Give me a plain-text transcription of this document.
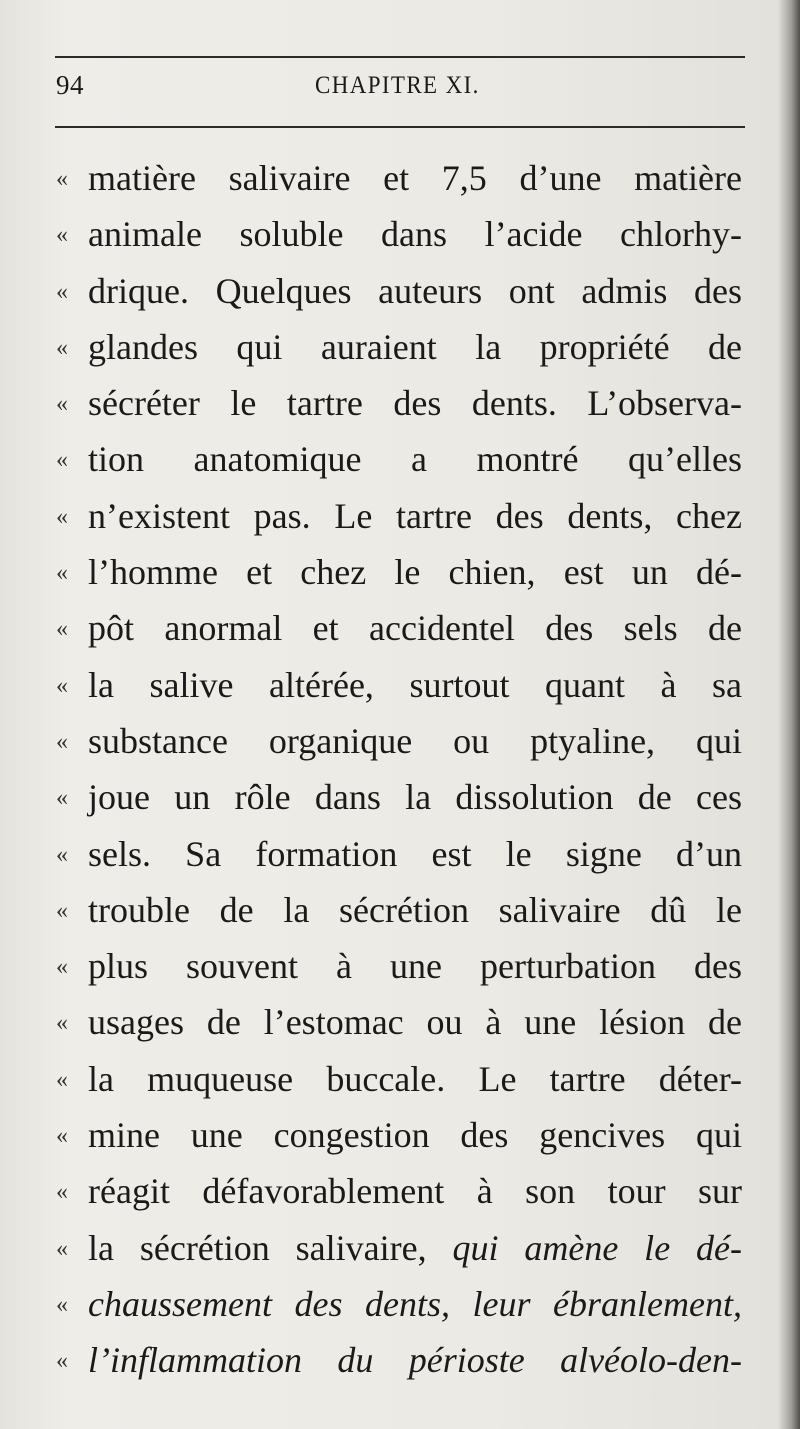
94	CHAPITRE XI.
« matière salivaire et 7,5 d’une matière
« animale soluble dans l’acide chlorhy-
« drique. Quelques auteurs ont admis des
« glandes qui auraient la propriété de
« sécréter le tartre des dents. L’observa-
« tion anatomique a montré qu’elles
« n’existent pas. Le tartre des dents, chez
« l’homme et chez le chien, est un dé-
« pôt anormal et accidentel des sels de
« la salive altérée, surtout quant à sa
« substance organique ou ptyaline, qui
« joue un rôle dans la dissolution de ces
« sels. Sa formation est le signe d’un
« trouble de la sécrétion salivaire dû le
« plus souvent à une perturbation des
« usages de l’estomac ou à une lésion de
« la muqueuse buccale. Le tartre déter-
« mine une congestion des gencives qui
« réagit défavorablement à son tour sur
« la sécrétion salivaire, qui amène le dé-
« chaussement des dents, leur ébranlement,
« l’inflammation du périoste alvéolo-den-
